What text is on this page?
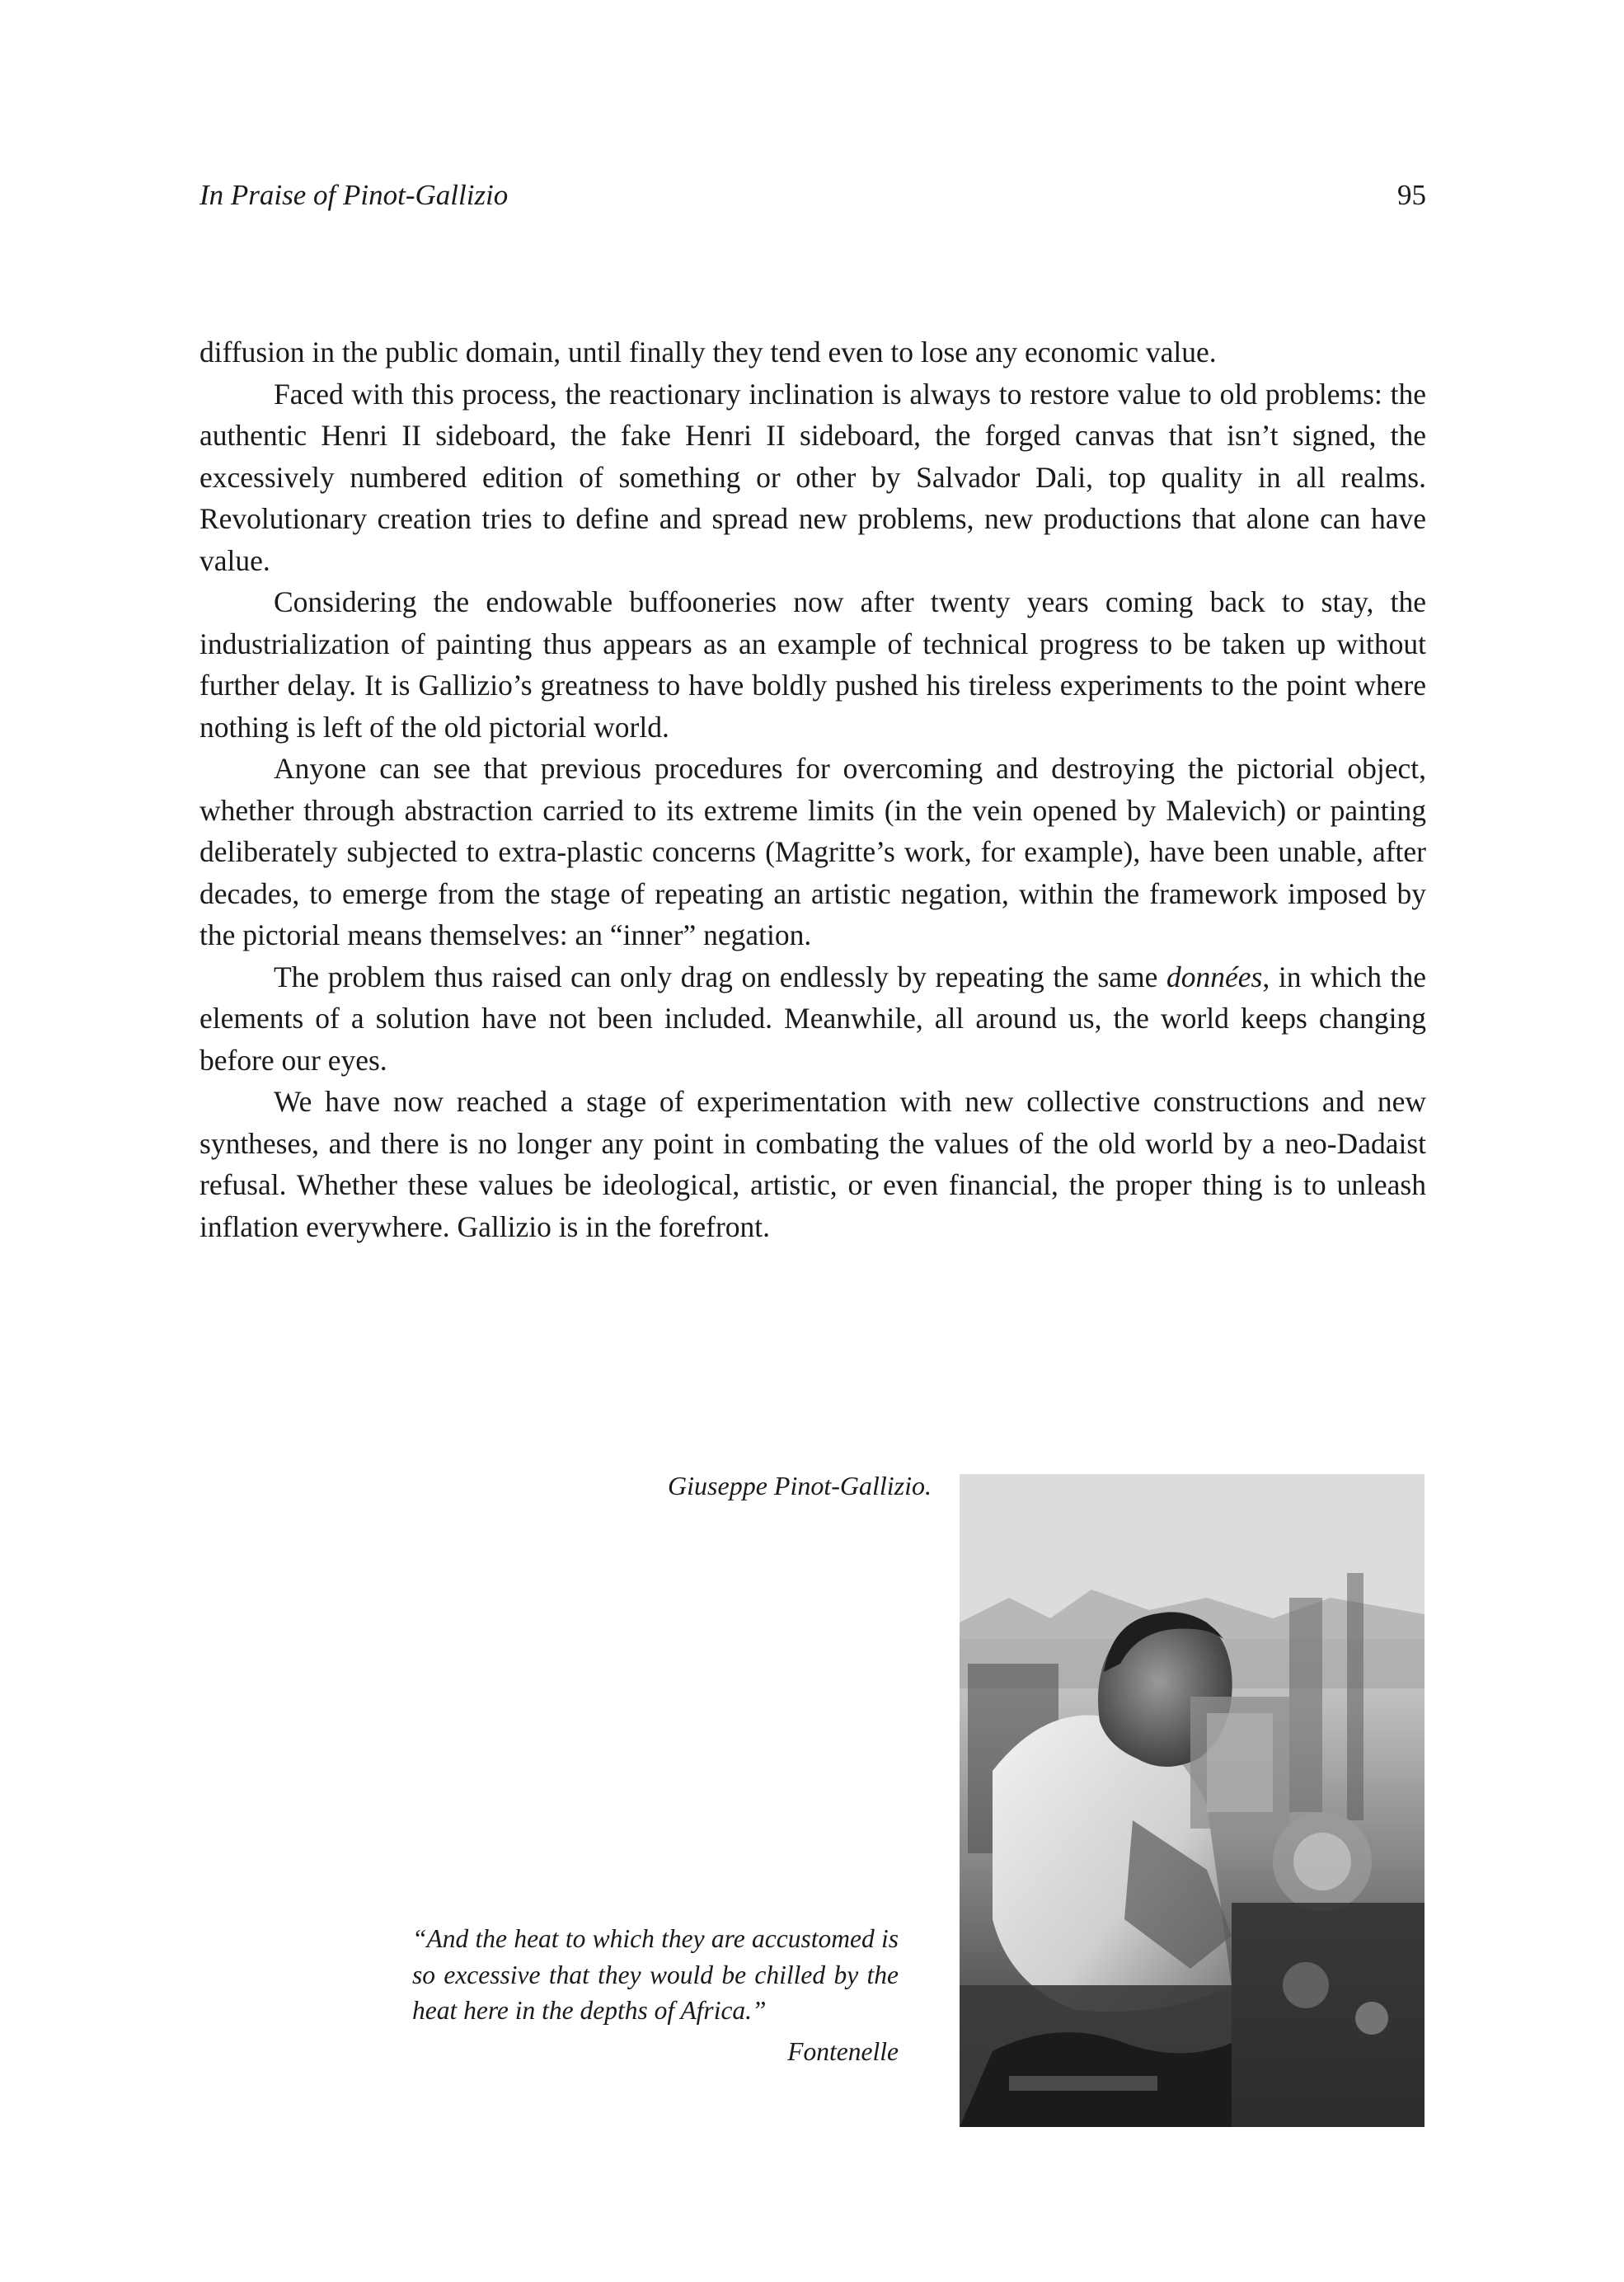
In Praise of Pinot-Gallizio	95

diffusion in the public domain, until finally they tend even to lose any economic value.

Faced with this process, the reactionary inclination is always to restore value to old problems: the authentic Henri II sideboard, the fake Henri II sideboard, the forged canvas that isn’t signed, the excessively numbered edition of something or other by Salvador Dali, top quality in all realms. Revolutionary creation tries to define and spread new problems, new productions that alone can have value.

Considering the endowable buffooneries now after twenty years coming back to stay, the industrialization of painting thus appears as an example of technical progress to be taken up without further delay. It is Gallizio’s greatness to have boldly pushed his tireless experiments to the point where nothing is left of the old pictorial world.

Anyone can see that previous procedures for overcoming and destroying the pictorial object, whether through abstraction carried to its extreme limits (in the vein opened by Malevich) or painting deliberately subjected to extra-plastic concerns (Magritte’s work, for example), have been unable, after decades, to emerge from the stage of repeating an artistic negation, within the framework imposed by the pictorial means themselves: an “inner” negation.

The problem thus raised can only drag on endlessly by repeating the same données, in which the elements of a solution have not been included. Meanwhile, all around us, the world keeps changing before our eyes.

We have now reached a stage of experimentation with new collective constructions and new syntheses, and there is no longer any point in combating the values of the old world by a neo-Dadaist refusal. Whether these values be ideological, artistic, or even financial, the proper thing is to unleash inflation everywhere. Gallizio is in the forefront.

Giuseppe Pinot-Gallizio.

“And the heat to which they are accustomed is so excessive that they would be chilled by the heat here in the depths of Africa.”

Fontenelle
